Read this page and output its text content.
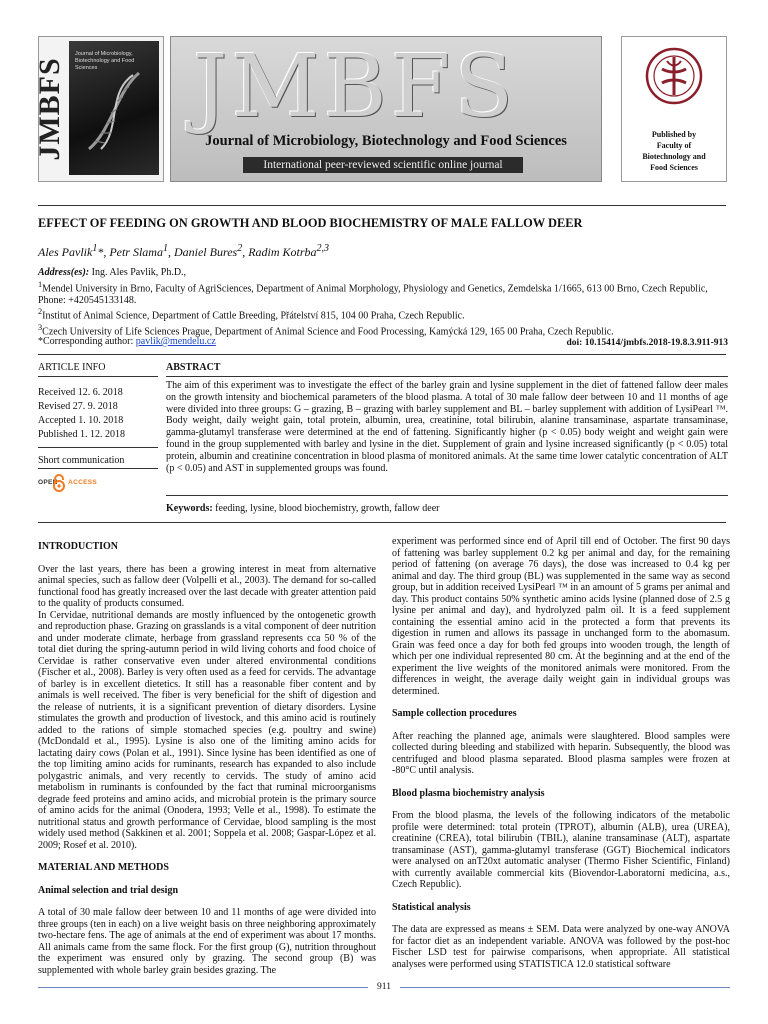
JMBFS
Journal of Microbiology, Biotechnology and Food Sciences	JMBFS
Journal of Microbiology, Biotechnology and Food Sciences
International peer-reviewed scientific online journal
Published by
Faculty of
Biotechnology and
Food Sciences
EFFECT OF FEEDING ON GROWTH AND BLOOD BIOCHEMISTRY OF MALE FALLOW DEER
Ales Pavlik$^1$*, Petr Slama$^1$, Daniel Bures$^2$, Radim Kotrba$^{2,3}$

Address(es): Ing. Ales Pavlik, Ph.D.,

$^1$Mendel University in Brno, Faculty of AgriSciences, Department of Animal Morphology, Physiology and Genetics, Zemdelska 1/1665, 613 00 Brno, Czech Republic, Phone: +420545133148.

$^2$Institut of Animal Science, Department of Cattle Breeding, Přátelství 815, 104 00 Praha, Czech Republic.

$^3$Czech University of Life Sciences Prague, Department of Animal Science and Food Processing, Kamýcká 129, 165 00 Praha, Czech Republic.

*Corresponding author: pavlik@mendelu.cz	doi: 10.15414/jmbfs.2018-19.8.3.911-913
ARTICLE INFO	ABSTRACT
Received 12. 6. 2018
Revised 27. 9. 2018
Accepted 1. 10. 2018
Published 1. 12. 2018
Short communication
OPEN ACCESS

The aim of this experiment was to investigate the effect of the barley grain and lysine supplement in the diet of fattened fallow deer males on the growth intensity and biochemical parameters of the blood plasma. A total of 30 male fallow deer between 10 and 11 months of age were divided into three groups: G – grazing, B – grazing with barley supplement and BL – barley supplement with addition of LysiPearl ™. Body weight, daily weight gain, total protein, albumin, urea, creatinine, total bilirubin, alanine transaminase, aspartate transaminase, gamma-glutamyl transferase were determined at the end of fattening. Significantly higher (p < 0.05) body weight and weight gain were found in the group supplemented with barley and lysine in the diet. Supplement of grain and lysine increased significantly (p < 0.05) total protein, albumin and creatinine concentration in blood plasma of monitored animals. At the same time lower catalytic concentration of ALT (p < 0.05) and AST in supplemented groups was found.

Keywords: feeding, lysine, blood biochemistry, growth, fallow deer
INTRODUCTION

Over the last years, there has been a growing interest in meat from alternative animal species, such as fallow deer (Volpelli et al., 2003). The demand for so-called functional food has greatly increased over the last decade with greater attention paid to the quality of products consumed.

In Cervidae, nutritional demands are mostly influenced by the ontogenetic growth and reproduction phase. Grazing on grasslands is a vital component of deer nutrition and under moderate climate, herbage from grassland represents cca 50 % of the total diet during the spring-autumn period in wild living cohorts and food choice of Cervidae is rather conservative even under altered environmental conditions (Fischer et al., 2008). Barley is very often used as a feed for cervids. The advantage of barley is in excellent dietetics. It still has a reasonable fiber content and by animals is well received. The fiber is very beneficial for the shift of digestion and the release of nutrients, it is a significant prevention of dietary disorders. Lysine stimulates the growth and production of livestock, and this amino acid is routinely added to the rations of simple stomached species (e.g. poultry and swine) (McDondald et al., 1995). Lysine is also one of the limiting amino acids for lactating dairy cows (Polan et al., 1991). Since lysine has been identified as one of the top limiting amino acids for ruminants, research has expanded to also include polygastric animals, and very recently to cervids. The study of amino acid metabolism in ruminants is confounded by the fact that ruminal microorganisms degrade feed proteins and amino acids, and microbial protein is the primary source of amino acids for the animal (Onodera, 1993; Velle et al., 1998). To estimate the nutritional status and growth performance of Cervidae, blood sampling is the most widely used method (Sakkinen et al. 2001; Soppela et al. 2008; Gaspar-López et al. 2009; Rosef et al. 2010).

MATERIAL AND METHODS
Animal selection and trial design

A total of 30 male fallow deer between 10 and 11 months of age were divided into three groups (ten in each) on a live weight basis on three neighboring approximately two-hectare fens. The age of animals at the end of experiment was about 17 months. All animals came from the same flock. For the first group (G), nutrition throughout the experiment was ensured only by grazing. The second group (B) was supplemented with whole barley grain besides grazing. The

experiment was performed since end of April till end of October. The first 90 days of fattening was barley supplement 0.2 kg per animal and day, for the remaining period of fattening (on average 76 days), the dose was increased to 0.4 kg per animal and day. The third group (BL) was supplemented in the same way as second group, but in addition received LysiPearl ™ in an amount of 5 grams per animal and day. This product contains 50% synthetic amino acids lysine (planned dose of 2.5 g lysine per animal and day), and hydrolyzed palm oil. It is a feed supplement containing the essential amino acid in the protected a form that prevents its digestion in rumen and allows its passage in unchanged form to the abomasum. Grain was feed once a day for both fed groups into wooden trough, the length of which per one individual represented 80 cm. At the beginning and at the end of the experiment the live weights of the monitored animals were monitored. From the differences in weight, the average daily weight gain in individual groups was determined.

Sample collection procedures

After reaching the planned age, animals were slaughtered. Blood samples were collected during bleeding and stabilized with heparin. Subsequently, the blood was centrifuged and blood plasma separated. Blood plasma samples were frozen at -80°C until analysis.

Blood plasma biochemistry analysis

From the blood plasma, the levels of the following indicators of the metabolic profile were determined: total protein (TPROT), albumin (ALB), urea (UREA), creatinine (CREA), total bilirubin (TBIL), alanine transaminase (ALT), aspartate transaminase (AST), gamma-glutamyl transferase (GGT) Biochemical indicators were analysed on anT20xt automatic analyser (Thermo Fisher Scientific, Finland) with currently available commercial kits (Biovendor-Laboratorní medicína, a.s., Czech Republic).

Statistical analysis

The data are expressed as means ± SEM. Data were analyzed by one-way ANOVA for factor diet as an independent variable. ANOVA was followed by the post-hoc Fischer LSD test for pairwise comparisons, when appropriate. All statistical analyses were performed using STATISTICA 12.0 statistical software

911
